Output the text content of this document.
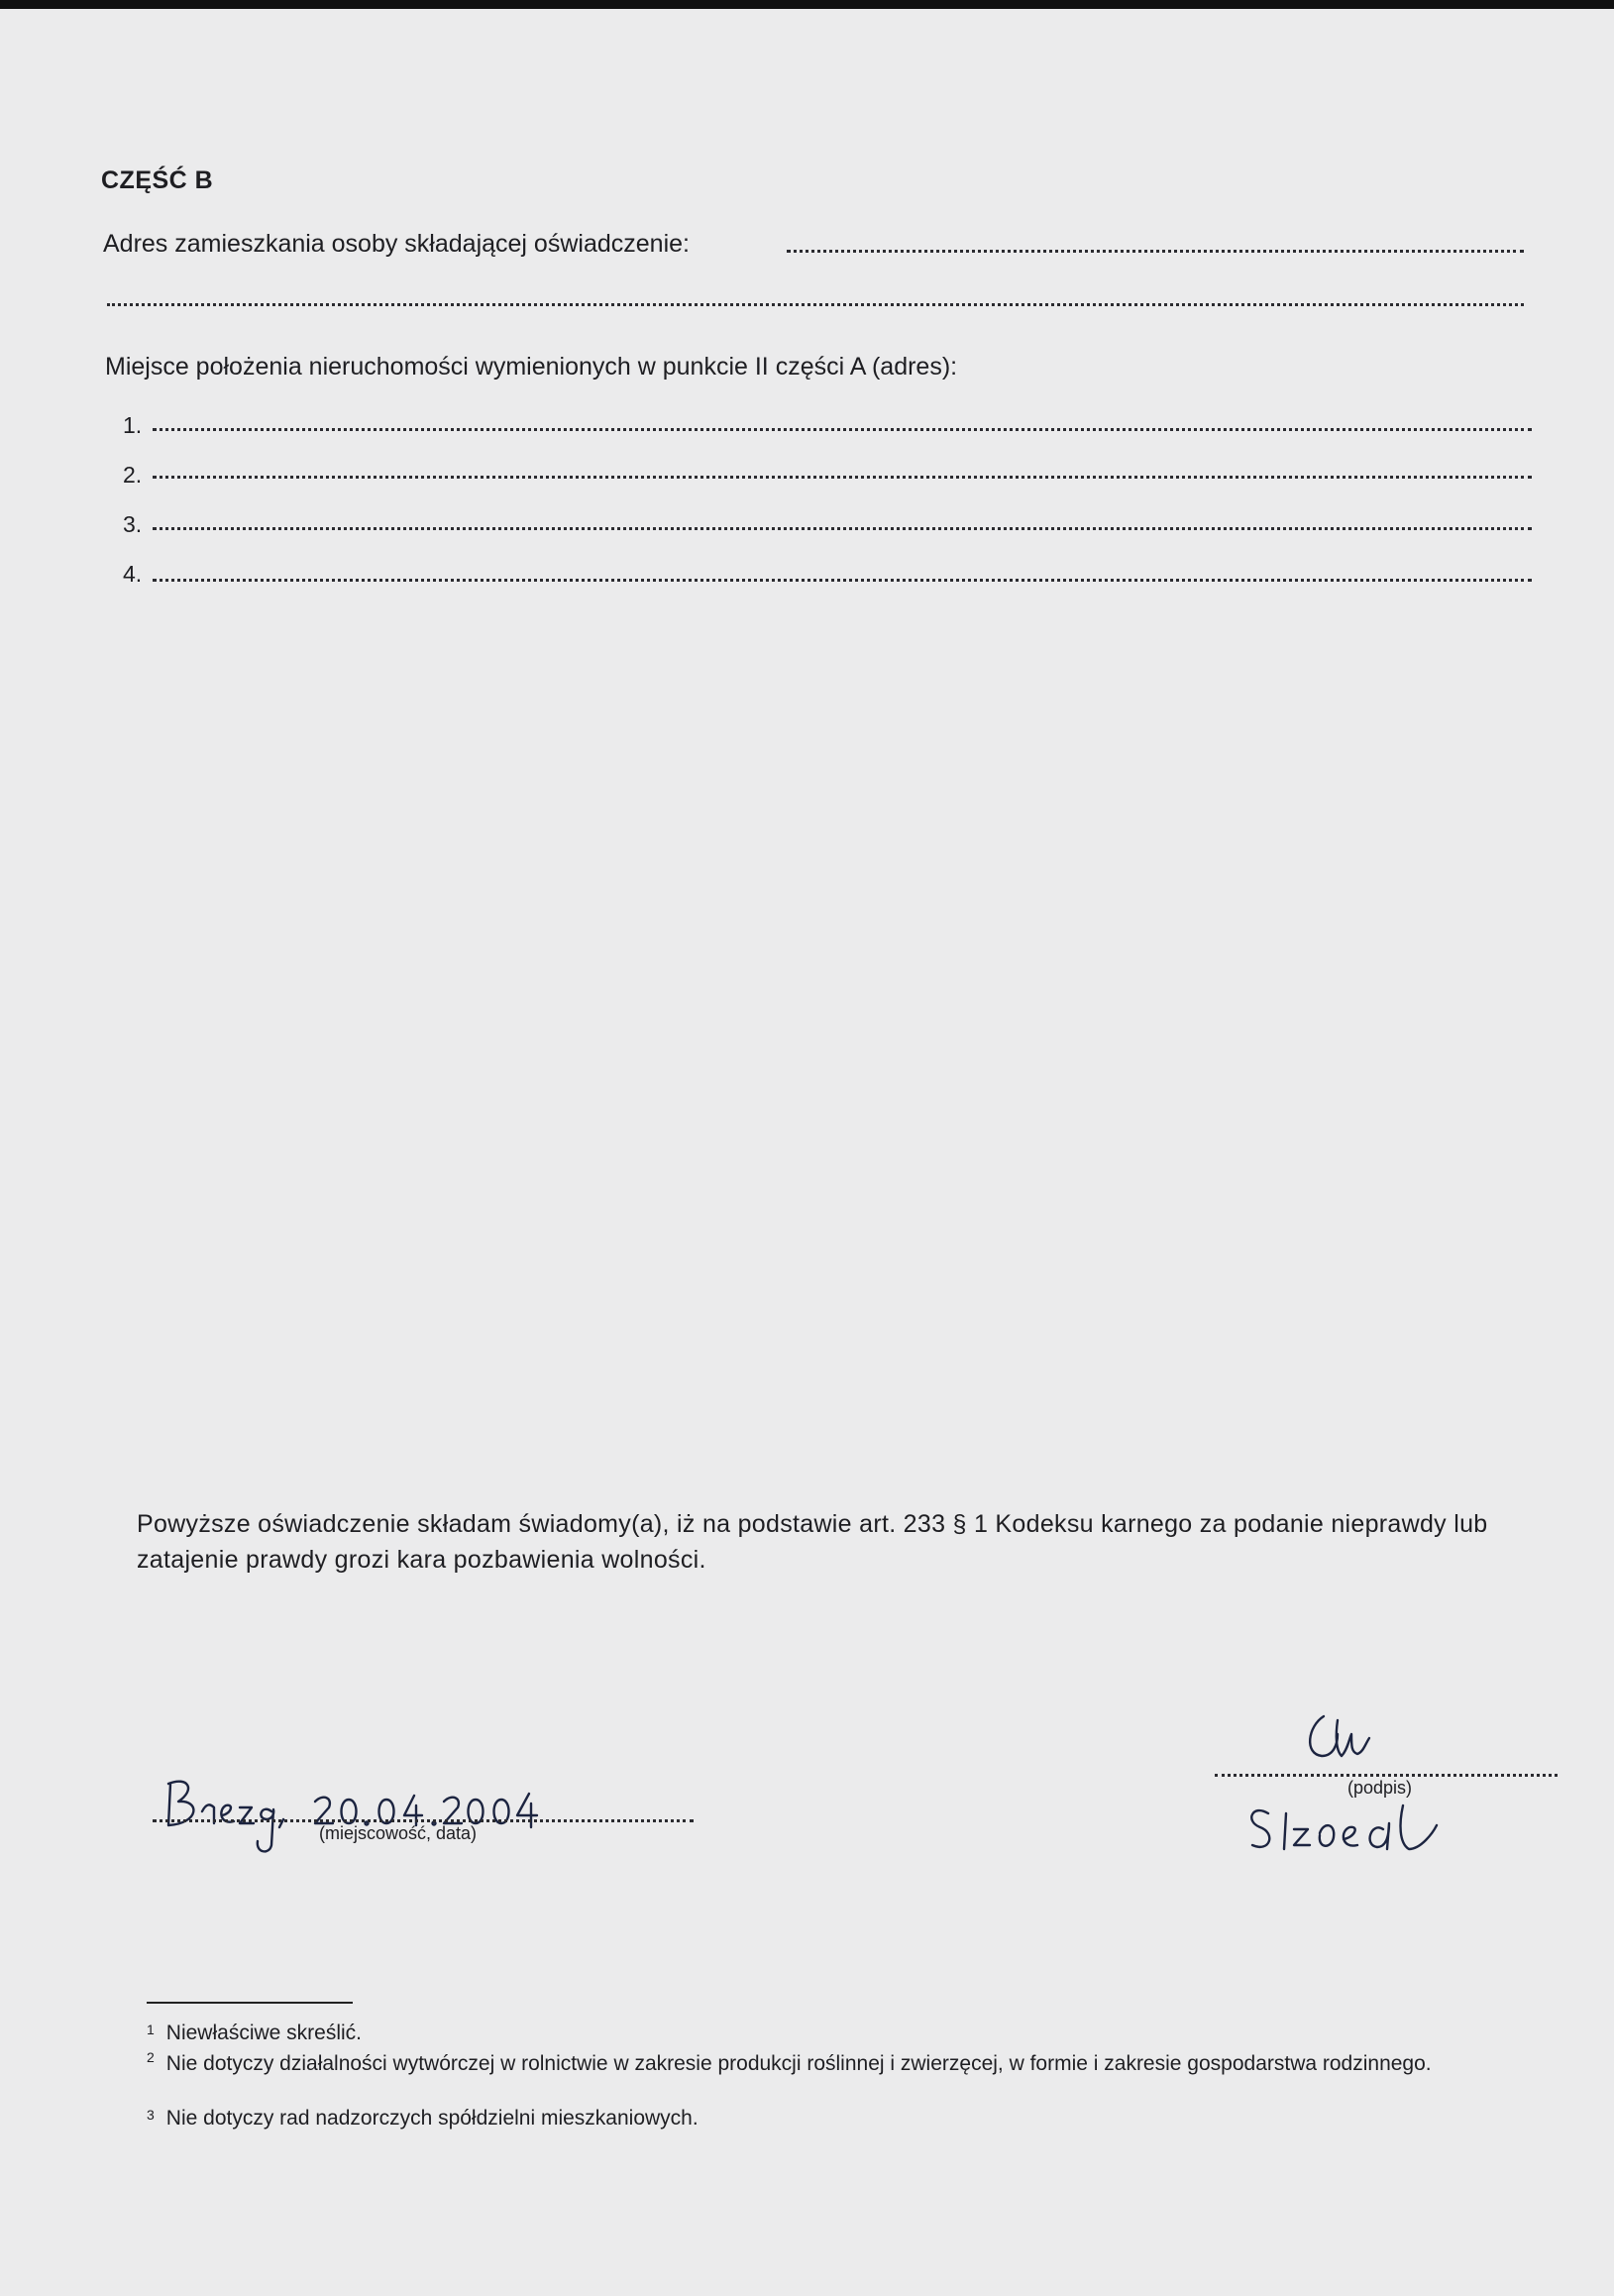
CZĘŚĆ B
Adres zamieszkania osoby składającej oświadczenie:
Miejsce położenia nieruchomości wymienionych w punkcie II części A (adres):
1.
2.
3.
4.
Powyższe oświadczenie składam świadomy(a), iż na podstawie art. 233 § 1 Kodeksu karnego za podanie nieprawdy lub zatajenie prawdy grozi kara pozbawienia wolności.
(miejscowość, data)
(podpis)
$^1$ Niewłaściwe skreślić.
$^2$ Nie dotyczy działalności wytwórczej w rolnictwie w zakresie produkcji roślinnej i zwierzęcej, w formie i zakresie gospodarstwa rodzinnego.
$^3$ Nie dotyczy rad nadzorczych spółdzielni mieszkaniowych.
